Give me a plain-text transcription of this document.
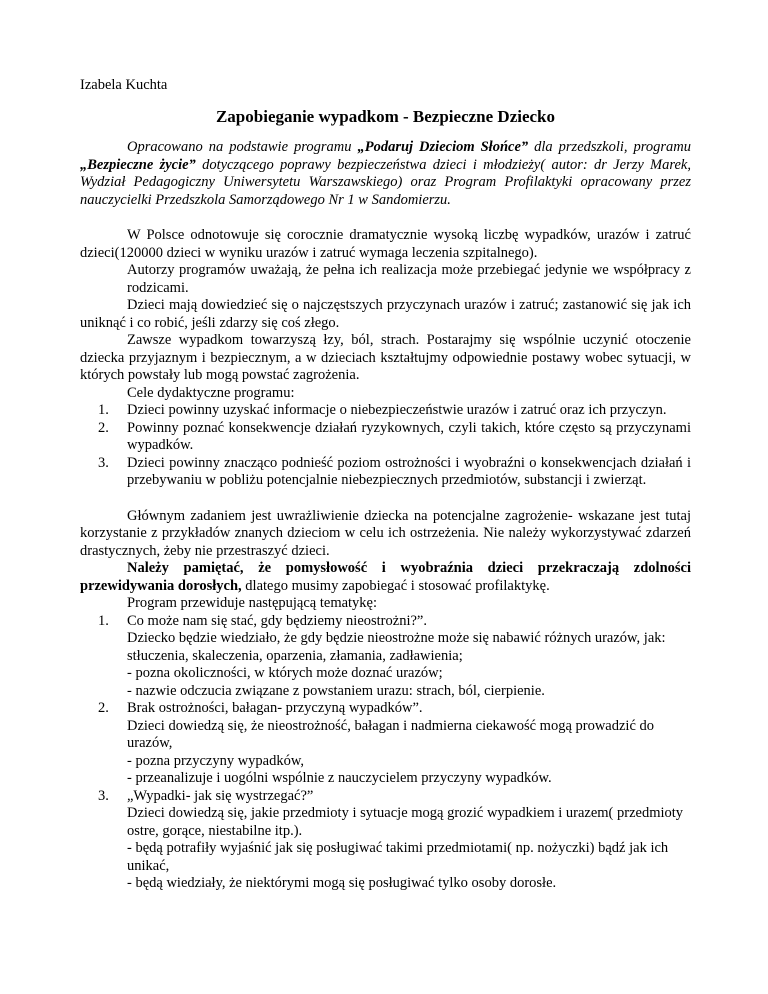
Izabela Kuchta

Zapobieganie wypadkom - Bezpieczne Dziecko

Opracowano na podstawie programu „Podaruj Dzieciom Słońce” dla przedszkoli, programu „Bezpieczne życie” dotyczącego poprawy bezpieczeństwa dzieci i młodzieży( autor: dr Jerzy Marek, Wydział Pedagogiczny Uniwersytetu Warszawskiego) oraz Program Profilaktyki opracowany przez nauczycielki Przedszkola Samorządowego Nr 1 w Sandomierzu.

W Polsce odnotowuje się corocznie dramatycznie wysoką liczbę wypadków, urazów i zatruć dzieci(120000 dzieci w wyniku urazów i zatruć wymaga leczenia szpitalnego).

Autorzy programów uważają, że pełna ich realizacja może przebiegać jedynie we współpracy z rodzicami.

Dzieci mają dowiedzieć się o najczęstszych przyczynach urazów i zatruć; zastanowić się jak ich uniknąć i co robić, jeśli zdarzy się coś złego.

Zawsze wypadkom towarzyszą łzy, ból, strach. Postarajmy się wspólnie uczynić otoczenie dziecka przyjaznym i bezpiecznym, a w dzieciach kształtujmy odpowiednie postawy wobec sytuacji, w których powstały lub mogą powstać zagrożenia.

Cele dydaktyczne programu:

1. Dzieci powinny uzyskać informacje o niebezpieczeństwie urazów i zatruć oraz ich przyczyn.
2. Powinny poznać konsekwencje działań ryzykownych, czyli takich, które często są przyczynami wypadków.
3. Dzieci powinny znacząco podnieść poziom ostrożności i wyobraźni o konsekwencjach działań i przebywaniu w pobliżu potencjalnie niebezpiecznych przedmiotów, substancji i zwierząt.

Głównym zadaniem jest uwrażliwienie dziecka na potencjalne zagrożenie- wskazane jest tutaj korzystanie z przykładów znanych dzieciom w celu ich ostrzeżenia. Nie należy wykorzystywać zdarzeń drastycznych, żeby nie przestraszyć dzieci.

Należy pamiętać, że pomysłowość i wyobraźnia dzieci przekraczają zdolności przewidywania dorosłych, dlatego musimy zapobiegać i stosować profilaktykę.

Program przewiduje następującą tematykę:

1. Co może nam się stać, gdy będziemy nieostrożni?”.

Dziecko będzie wiedziało, że gdy będzie nieostrożne może się nabawić różnych urazów, jak: stłuczenia, skaleczenia, oparzenia, złamania, zadławienia;

- pozna okoliczności, w których może doznać urazów;

- nazwie odczucia związane z powstaniem urazu: strach, ból, cierpienie.

2. Brak ostrożności, bałagan- przyczyną wypadków”.

Dzieci dowiedzą się, że nieostrożność, bałagan i nadmierna ciekawość mogą prowadzić do urazów,

- pozna przyczyny wypadków,

- przeanalizuje i uogólni wspólnie z nauczycielem przyczyny wypadków.

3. „Wypadki- jak się wystrzegać?”

Dzieci dowiedzą się, jakie przedmioty i sytuacje mogą grozić wypadkiem i urazem( przedmioty ostre, gorące, niestabilne itp.).

- będą potrafiły wyjaśnić jak się posługiwać takimi przedmiotami( np. nożyczki) bądź jak ich unikać,

- będą wiedziały, że niektórymi mogą się posługiwać tylko osoby dorosłe.
